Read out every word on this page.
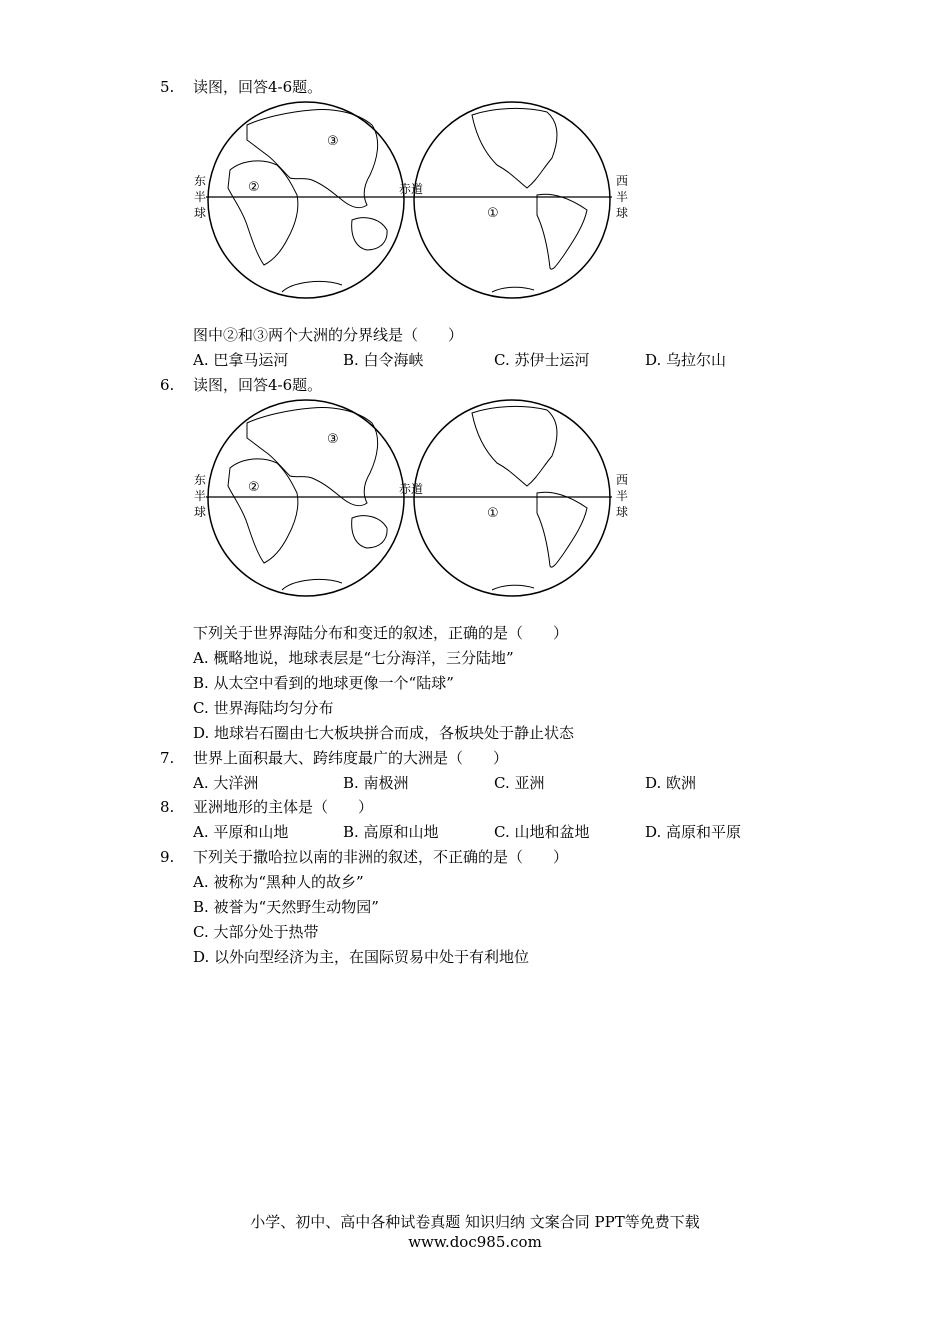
5. 读图，回答4-6题。
②
③
①
赤道
东
半
球
西
半
球
图中②和③两个大洲的分界线是（　　）
A. 巴拿马运河	B. 白令海峡	C. 苏伊士运河	D. 乌拉尔山
6. 读图，回答4-6题。
②
③
①
赤道
东
半
球
西
半
球
下列关于世界海陆分布和变迁的叙述，正确的是（　　）
A. 概略地说，地球表层是“七分海洋，三分陆地”
B. 从太空中看到的地球更像一个“陆球”
C. 世界海陆均匀分布
D. 地球岩石圈由七大板块拼合而成，各板块处于静止状态
7. 世界上面积最大、跨纬度最广的大洲是（　　）
A. 大洋洲	B. 南极洲	C. 亚洲	D. 欧洲
8. 亚洲地形的主体是（　　）
A. 平原和山地	B. 高原和山地	C. 山地和盆地	D. 高原和平原
9. 下列关于撒哈拉以南的非洲的叙述，不正确的是（　　）
A. 被称为“黑种人的故乡”
B. 被誉为“天然野生动物园”
C. 大部分处于热带
D. 以外向型经济为主，在国际贸易中处于有利地位
小学、初中、高中各种试卷真题 知识归纳 文案合同 PPT等免费下载
www.doc985.com
